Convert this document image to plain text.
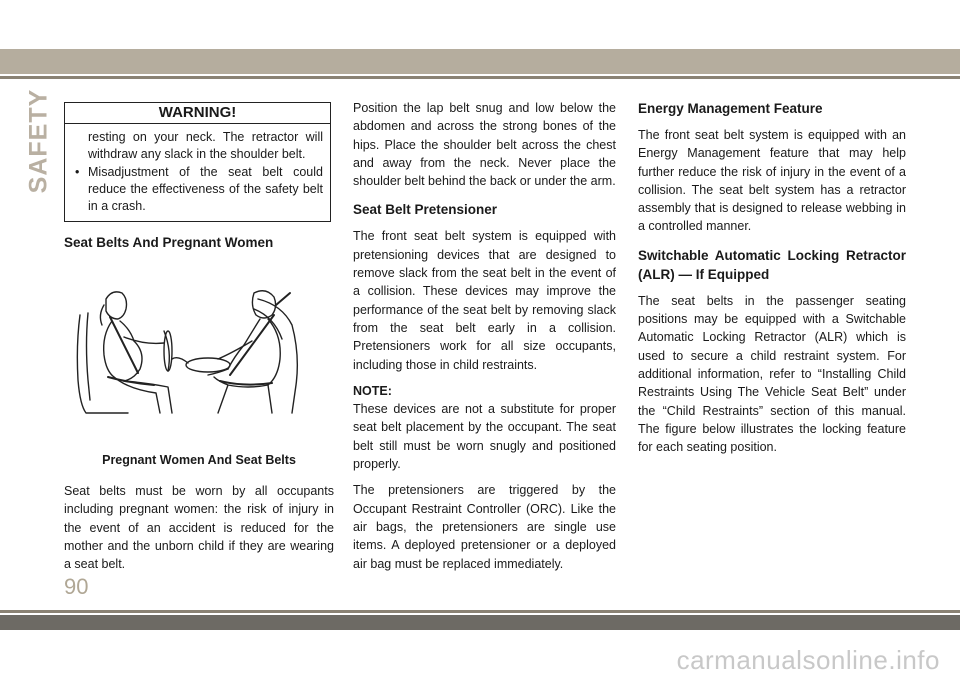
SAFETY	WARNING!
resting on your neck. The retractor will withdraw any slack in the shoulder belt.
• Misadjustment of the seat belt could reduce the effectiveness of the safety belt in a crash.
Seat Belts And Pregnant Women
Pregnant Women And Seat Belts

Seat belts must be worn by all occupants including pregnant women: the risk of injury in the event of an accident is reduced for the mother and the unborn child if they are wearing a seat belt.

Position the lap belt snug and low below the abdomen and across the strong bones of the hips. Place the shoulder belt across the chest and away from the neck. Never place the shoulder belt behind the back or under the arm.

Seat Belt Pretensioner

The front seat belt system is equipped with pretensioning devices that are designed to remove slack from the seat belt in the event of a collision. These devices may improve the performance of the seat belt by removing slack from the seat belt early in a collision. Pretensioners work for all size occupants, including those in child restraints.

NOTE:

These devices are not a substitute for proper seat belt placement by the occupant. The seat belt still must be worn snugly and positioned properly.

The pretensioners are triggered by the Occupant Restraint Controller (ORC). Like the air bags, the pretensioners are single use items. A deployed pretensioner or a deployed air bag must be replaced immediately.

Energy Management Feature

The front seat belt system is equipped with an Energy Management feature that may help further reduce the risk of injury in the event of a collision. The seat belt system has a retractor assembly that is designed to release webbing in a controlled manner.

Switchable Automatic Locking Retractor (ALR) — If Equipped

The seat belts in the passenger seating positions may be equipped with a Switchable Automatic Locking Retractor (ALR) which is used to secure a child restraint system. For additional information, refer to “Installing Child Restraints Using The Vehicle Seat Belt” under the “Child Restraints” section of this manual. The figure below illustrates the locking feature for each seating position.

90
carmanualsonline.info
